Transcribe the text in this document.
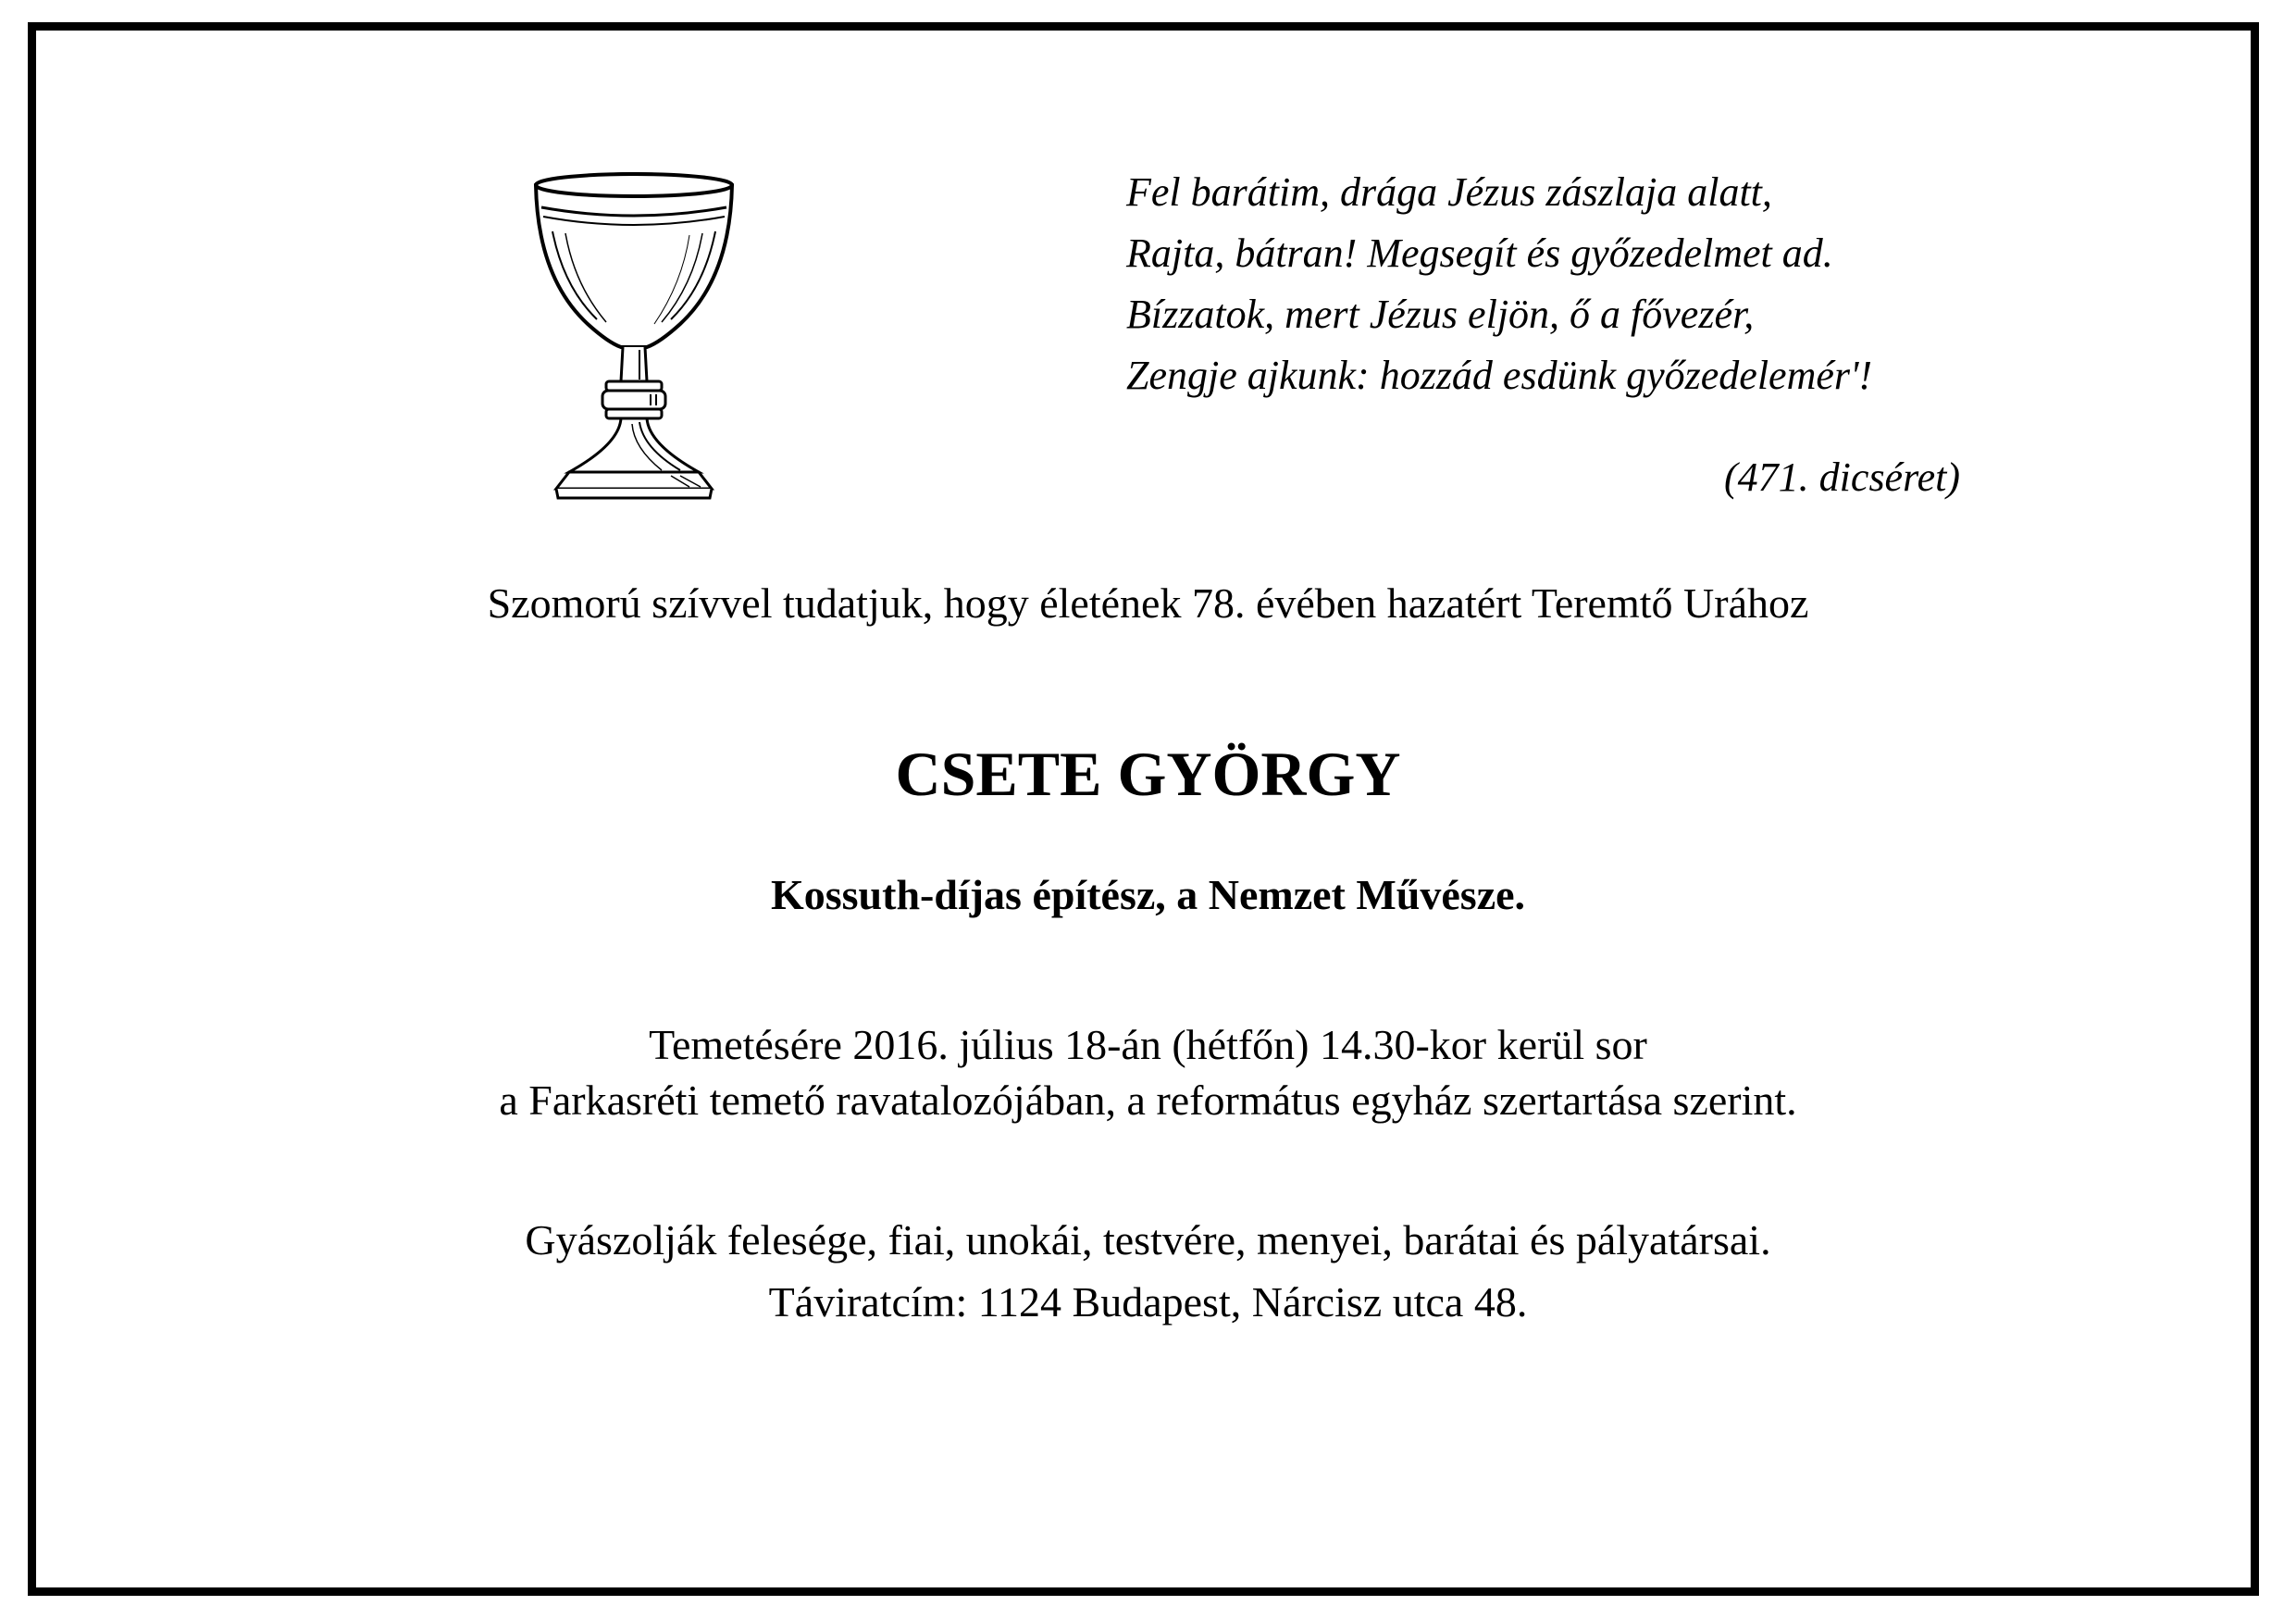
Fel barátim, drága Jézus zászlaja alatt,
Rajta, bátran! Megsegít és győzedelmet ad.
Bízzatok, mert Jézus eljön, ő a fővezér,
Zengje ajkunk: hozzád esdünk győzedelemér'!
(471. dicséret)
Szomorú szívvel tudatjuk, hogy életének 78. évében hazatért Teremtő Urához
CSETE GYÖRGY
Kossuth-díjas építész, a Nemzet Művésze.
Temetésére 2016. július 18-án (hétfőn) 14.30-kor kerül sor
a Farkasréti temető ravatalozójában, a református egyház szertartása szerint.
Gyászolják felesége, fiai, unokái, testvére, menyei, barátai és pályatársai.
Táviratcím: 1124 Budapest, Nárcisz utca 48.
